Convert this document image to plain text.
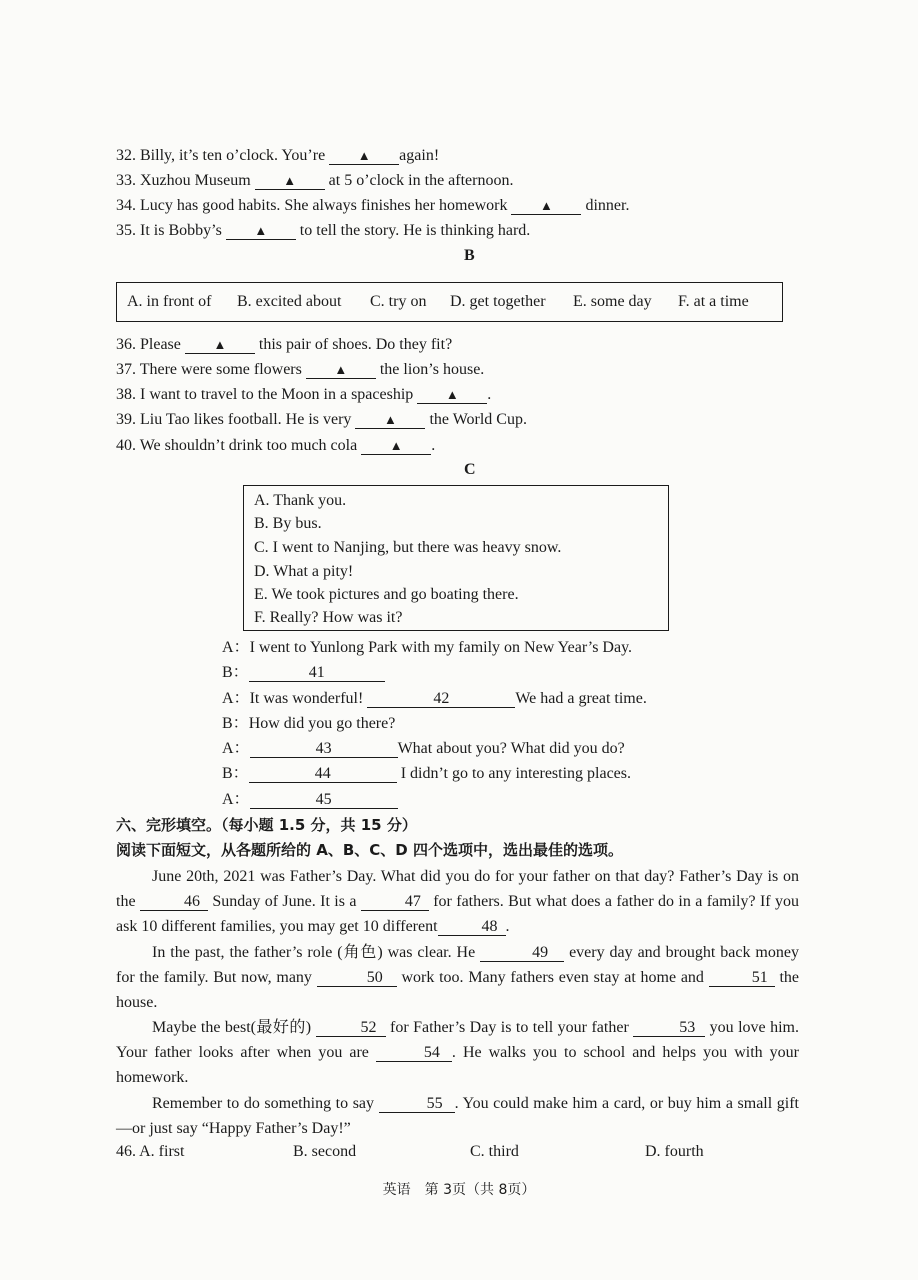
32. Billy, it’s ten o’clock. You’re ▲ again!
33. Xuzhou Museum ▲ at 5 o’clock in the afternoon.
34. Lucy has good habits. She always finishes her homework ▲ dinner.
35. It is Bobby’s ▲ to tell the story. He is thinking hard.
B
A. in front of B. excited about C. try on D. get together E. some day F. at a time
36. Please ▲ this pair of shoes. Do they fit?
37. There were some flowers ▲ the lion’s house.
38. I want to travel to the Moon in a spaceship ▲ .
39. Liu Tao likes football. He is very ▲ the World Cup.
40. We shouldn’t drink too much cola ▲ .
C
A. Thank you.
B. By bus.
C. I went to Nanjing, but there was heavy snow.
D. What a pity!
E. We took pictures and go boating there.
F. Really? How was it?
A：I went to Yunlong Park with my family on New Year’s Day.
B：	41
A：It was wonderful!	42	We had a great time.
B：How did you go there?
A：	43	What about you? What did you do?
B：	44	I didn’t go to any interesting places.
A：	45
六、完形填空。（每小题 1.5 分，共 15 分）
阅读下面短文，从各题所给的 A、B、C、D 四个选项中，选出最佳的选项。

June 20th, 2021 was Father’s Day. What did you do for your father on that day? Father’s Day is on the	46 Sunday of June. It is a	47 for fathers. But what does a father do in a family? If you ask 10 different families, you may get 10 different	48 .

In the past, the father’s role (角色) was clear. He	49 every day and brought back money for the family. But now, many	50 work too. Many fathers even stay at home and	51 the house.

Maybe the best(最好的)	52 for Father’s Day is to tell your father	53 you love him. Your father looks after when you are	54 . He walks you to school and helps you with your homework.

Remember to do something to say	55 . You could make him a card, or buy him a small gift —or just say “Happy Father’s Day!”

46. A. first	B. second	C. third	D. fourth
英语　第 3页（共 8页）
